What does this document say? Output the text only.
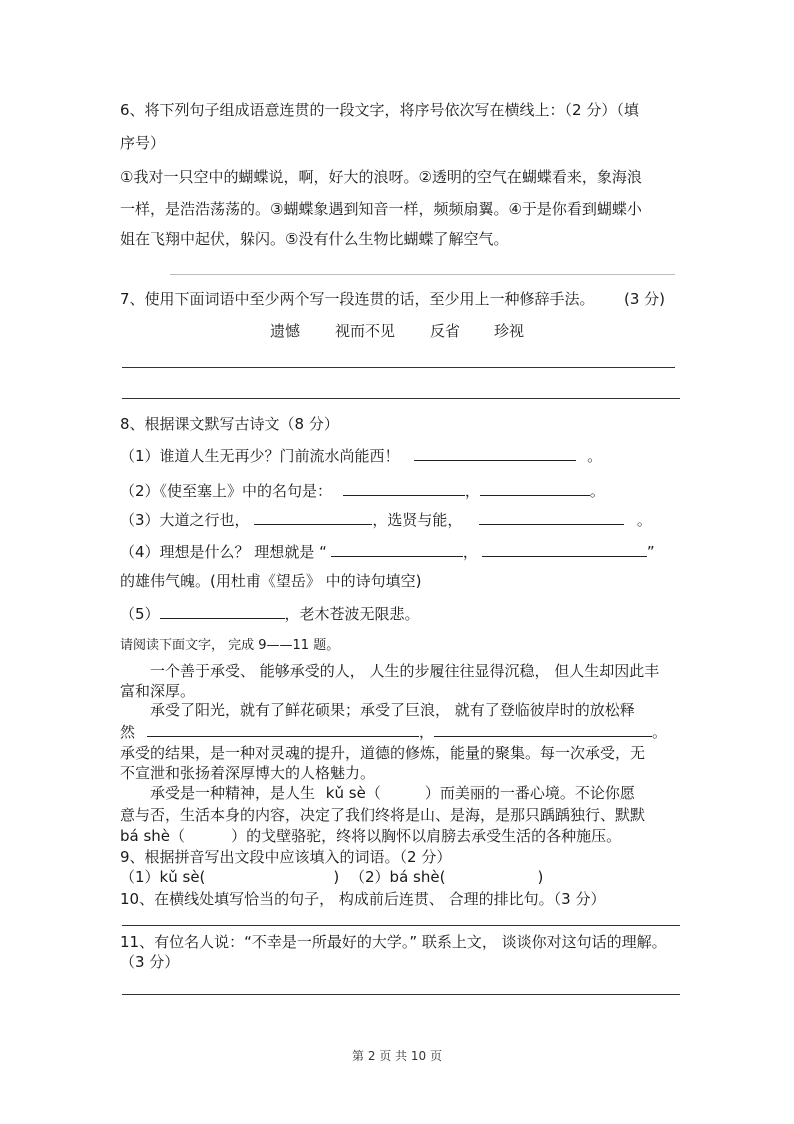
6、将下列句子组成语意连贯的一段文字，将序号依次写在横线上：（2 分）（填
序号）
①我对一只空中的蝴蝶说，啊，好大的浪呀。②透明的空气在蝴蝶看来，象海浪
一样，是浩浩荡荡的。③蝴蝶象遇到知音一样，频频扇翼。④于是你看到蝴蝶小
姐在飞翔中起伏，躲闪。⑤没有什么生物比蝴蝶了解空气。
7、使用下面词语中至少两个写一段连贯的话，至少用上一种修辞手法。 (3 分)
遗憾 视而不见 反省 珍视
8、根据课文默写古诗文（8 分）
（1）谁道人生无再少？门前流水尚能西！	。
（2）《使至塞上》中的名句是：	，	。
（3）大道之行也，	，选贤与能，	。
（4）理想是什么？ 理想就是 “	，	”
的雄伟气魄。(用杜甫《望岳》 中的诗句填空)
（5）	，老木苍波无限悲。
请阅读下面文字， 完成 9——11 题。
一个善于承受、 能够承受的人， 人生的步履往往显得沉稳， 但人生却因此丰
富和深厚。
承受了阳光，就有了鲜花硕果；承受了巨浪， 就有了登临彼岸时的放松释
然	，	。
承受的结果，是一种对灵魂的提升，道德的修炼，能量的聚集。每一次承受，无
不宣泄和张扬着深厚博大的人格魅力。
承受是一种精神，是人生 kǔ sè（	）而美丽的一番心境。不论你愿
意与否，生活本身的内容，决定了我们终将是山、是海，是那只踽踽独行、默默
bá shè（	）的戈壁骆驼，终将以胸怀以肩膀去承受生活的各种施压。
9、根据拼音写出文段中应该填入的词语。（2 分）
（1）kǔ sè(	) （2）bá shè(	)
10、在横线处填写恰当的句子， 构成前后连贯、 合理的排比句。（3 分）
11、有位名人说：“不幸是一所最好的大学。” 联系上文， 谈谈你对这句话的理解。
（3 分）
第 2 页 共 10 页
